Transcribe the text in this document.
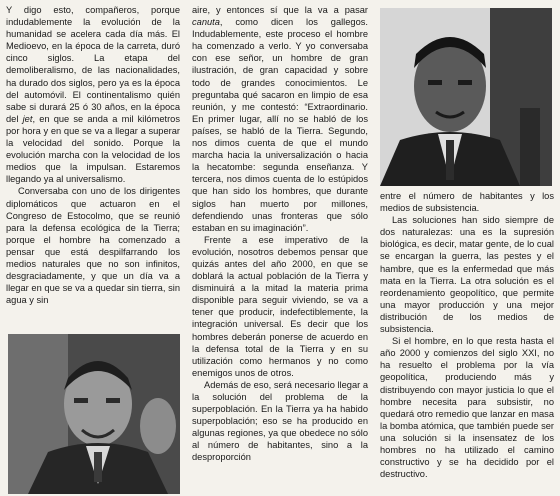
Y digo esto, compañeros, porque indudablemente la evolución de la humanidad se acelera cada día más. El Medioevo, en la época de la carreta, duró cinco siglos. La etapa del demoliberalismo, de las nacionalidades, ha durado dos siglos, pero ya es la época del automóvil. El continentalismo quién sabe si durará 25 ó 30 años, en la época del jet, en que se anda a mil kilómetros por hora y en que se va a llegar a superar la velocidad del sonido. Porque la evolución marcha con la velocidad de los medios que la impulsan. Estaremos llegando ya al universalismo.

Conversaba con uno de los dirigentes diplomáticos que actuaron en el Congreso de Estocolmo, que se reunió para la defensa ecológica de la Tierra; porque el hombre ha comenzado a pensar que está despilfarrando los medios naturales que no son infinitos, desgraciadamente, y que un día va a llegar en que se va a quedar sin tierra, sin agua y sin

aire, y entonces sí que la va a pasar canuta, como dicen los gallegos. Indudablemente, este proceso el hombre ha comenzado a verlo. Y yo conversaba con ese señor, un hombre de gran ilustración, de gran capacidad y sobre todo de grandes conocimientos. Le preguntaba qué sacaron en limpio de esa reunión, y me contestó: “Extraordinario. En primer lugar, allí no se habló de los países, se habló de la Tierra. Segundo, nos dimos cuenta de que el mundo marcha hacia la universalización o hacia la hecatombe: segunda enseñanza. Y tercera, nos dimos cuenta de lo estúpidos que han sido los hombres, que durante siglos han muerto por millones, defendiendo unas fronteras que sólo estaban en su imaginación”.

Frente a ese imperativo de la evolución, nosotros debemos pensar que quizás antes del año 2000, en que se doblará la actual población de la Tierra y disminuirá a la mitad la materia prima disponible para seguir viviendo, se va a tener que producir, indefectiblemente, la integración universal. Es decir que los hombres deberán ponerse de acuerdo en la defensa total de la Tierra y en su utilización como hermanos y no como enemigos unos de otros.

Además de eso, será necesario llegar a la solución del problema de la superpoblación. En la Tierra ya ha habido superpoblación; eso se ha producido en algunas regiones, ya que obedece no sólo al número de habitantes, sino a la desproporción

entre el número de habitantes y los medios de subsistencia.

Las soluciones han sido siempre de dos naturalezas: una es la supresión biológica, es decir, matar gente, de lo cual se encargan la guerra, las pestes y el hambre, que es la enfermedad que más mata en la Tierra. La otra solución es el reordenamiento geopolítico, que permite una mayor producción y una mejor distribución de los medios de subsistencia.

Si el hombre, en lo que resta hasta el año 2000 y comienzos del siglo XXI, no ha resuelto el problema por la vía geopolítica, produciendo más y distribuyendo con mayor justicia lo que el hombre necesita para subsistir, no quedará otro remedio que lanzar en masa la bomba atómica, que también puede ser una solución si la insensatez de los hombres no ha utilizado el camino constructivo y se ha decidido por el destructivo.
